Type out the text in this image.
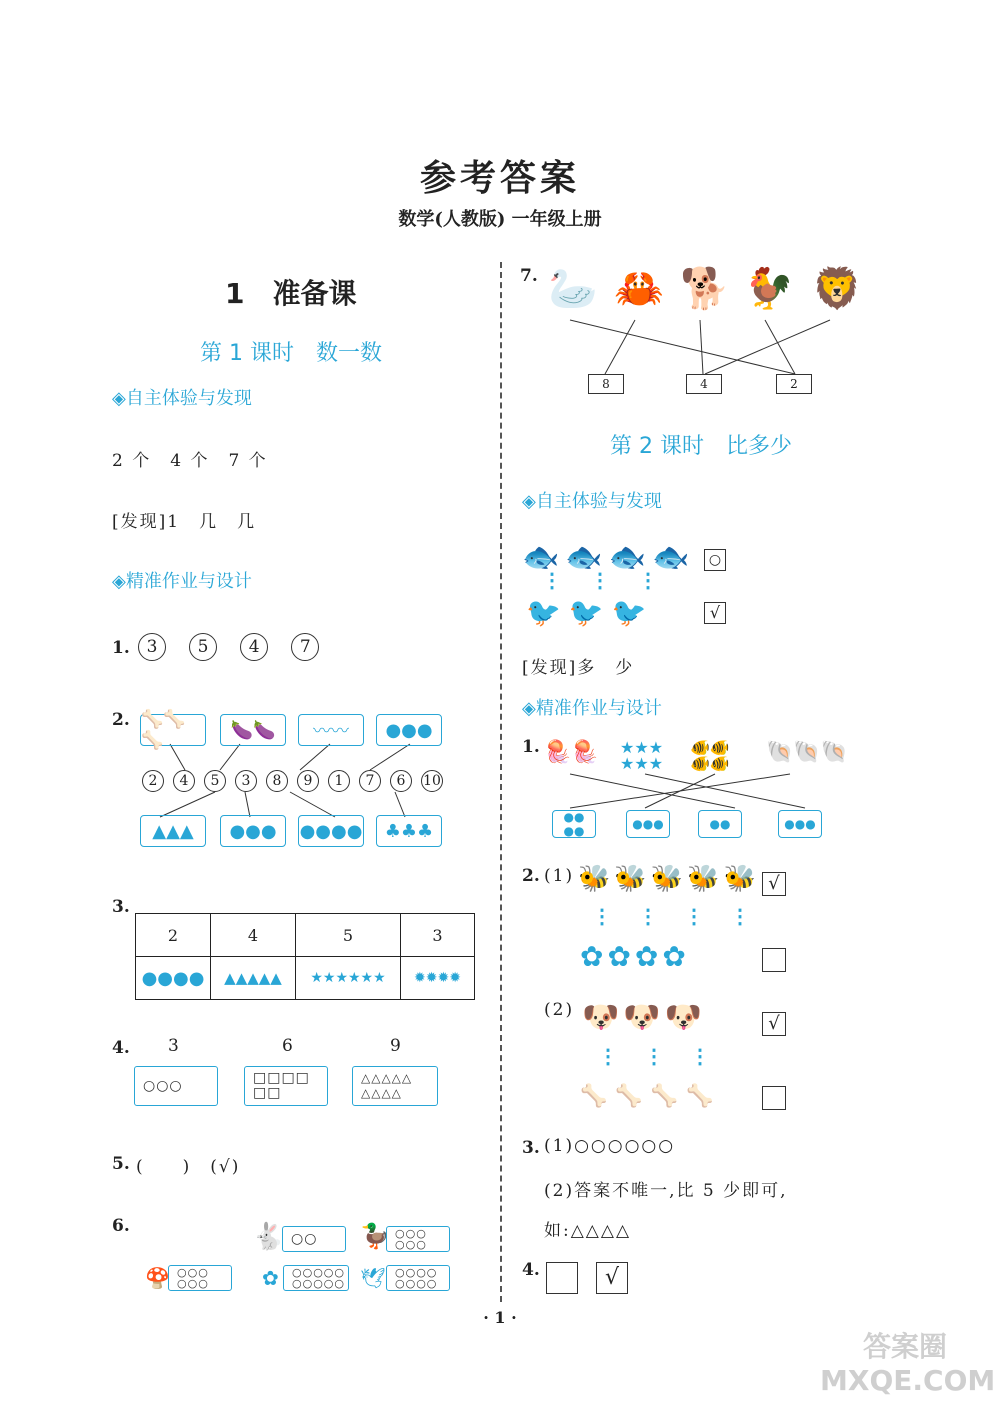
参考答案
数学(人教版) 一年级上册
1　准备课
第 1 课时　数一数
◈自主体验与发现
2 个　4 个　7 个
[发现]1　几　几
◈精准作业与设计
1. 3 5 4 7
2. 🦴🦴🦴	🍆🍆	〰〰	●●●
2 4 5 3 8 9 1 7 6 10
▲▲▲	●●●	●●●●	♣♣♣
3.
2	4	5	3
●●●●	▲▲▲▲▲	★★★★★★	✹✹✹✹
4. 3	6	9
○○○	□□□□
□□
△△△△△
△△△△
5. (　　)　(√)
6.	🐇 ○○	🦆 ○○○
○○○
🍄 ○○○
○○○	✿	○○○○○
○○○○○ 🕊 ○○○○
○○○○
7. 🦢 🦀 🐕 🐓 🦁
8	4	2
第 2 课时　比多少
◈自主体验与发现
🐟🐟🐟🐟 ○
⋮⋮⋮
🐦🐦🐦	√
[发现]多　少
◈精准作业与设计
1. 🪼🪼 ★★★
★★★
🐠🐠
🐠🐠 🐚🐚🐚
●●
●●	●●●	●●	●●●
2. (1) 🐝🐝🐝🐝🐝 √
⋮⋮⋮⋮
✿✿✿✿
(2) 🐶🐶🐶	√
⋮⋮⋮
🦴🦴🦴🦴
3. (1)○○○○○○
(2)答案不唯一,比 5 少即可,
如:△△△△
4.	√
· 1 ·
答案圈 MXQE.COM
